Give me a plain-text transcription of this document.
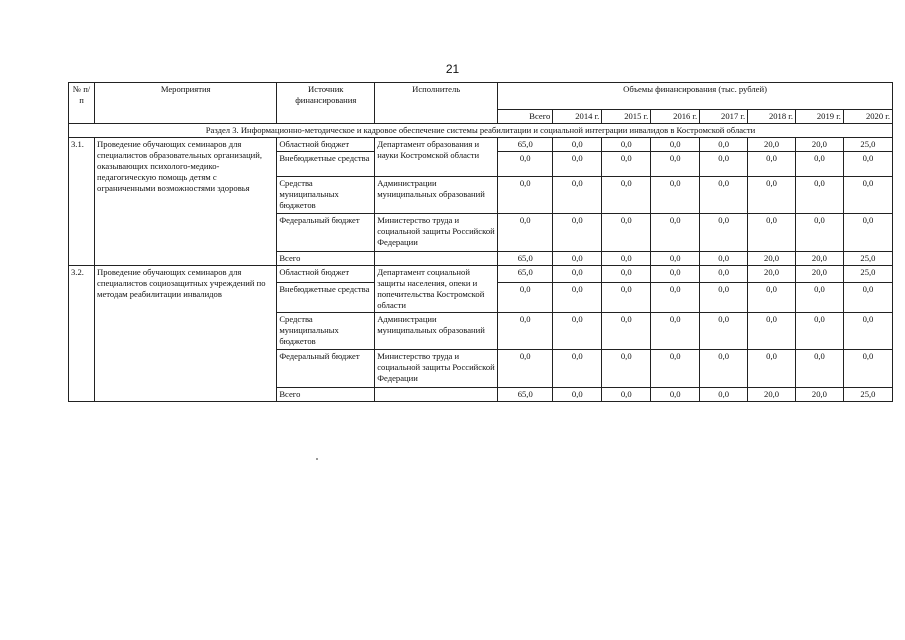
21
№ п/п	Мероприятия	Источник финансирования	Исполнитель	Объемы финансирования (тыс. рублей)							
				Всего	2014 г.	2015 г.	2016 г.	2017 г.	2018 г.	2019 г.	2020 г.
Раздел 3. Информационно-методическое и кадровое обеспечение системы реабилитации и социальной интеграции инвалидов в Костромской области											
3.1.	Проведение обучающих семинаров для специалистов образовательных организаций, оказывающих психолого-медико-педагогическую помощь детям с ограниченными возможностями здоровья	Областной бюджет	Департамент образования и науки Костромской области	65,0	0,0	0,0	0,0	0,0	20,0	20,0	25,0
		Внебюджетные средства		0,0	0,0	0,0	0,0	0,0	0,0	0,0	0,0
		Средства муниципальных бюджетов	Администрации муниципальных образований	0,0	0,0	0,0	0,0	0,0	0,0	0,0	0,0
		Федеральный бюджет	Министерство труда и социальной защиты Российской Федерации	0,0	0,0	0,0	0,0	0,0	0,0	0,0	0,0
		Всего		65,0	0,0	0,0	0,0	0,0	20,0	20,0	25,0
3.2.	Проведение обучающих семинаров для специалистов социозащитных учреждений по методам реабилитации инвалидов	Областной бюджет	Департамент социальной защиты населения, опеки и попечительства Костромской области	65,0	0,0	0,0	0,0	0,0	20,0	20,0	25,0
		Внебюджетные средства		0,0	0,0	0,0	0,0	0,0	0,0	0,0	0,0
		Средства муниципальных бюджетов	Администрации муниципальных образований	0,0	0,0	0,0	0,0	0,0	0,0	0,0	0,0
		Федеральный бюджет	Министерство труда и социальной защиты Российской Федерации	0,0	0,0	0,0	0,0	0,0	0,0	0,0	0,0
		Всего		65,0	0,0	0,0	0,0	0,0	20,0	20,0	25,0
